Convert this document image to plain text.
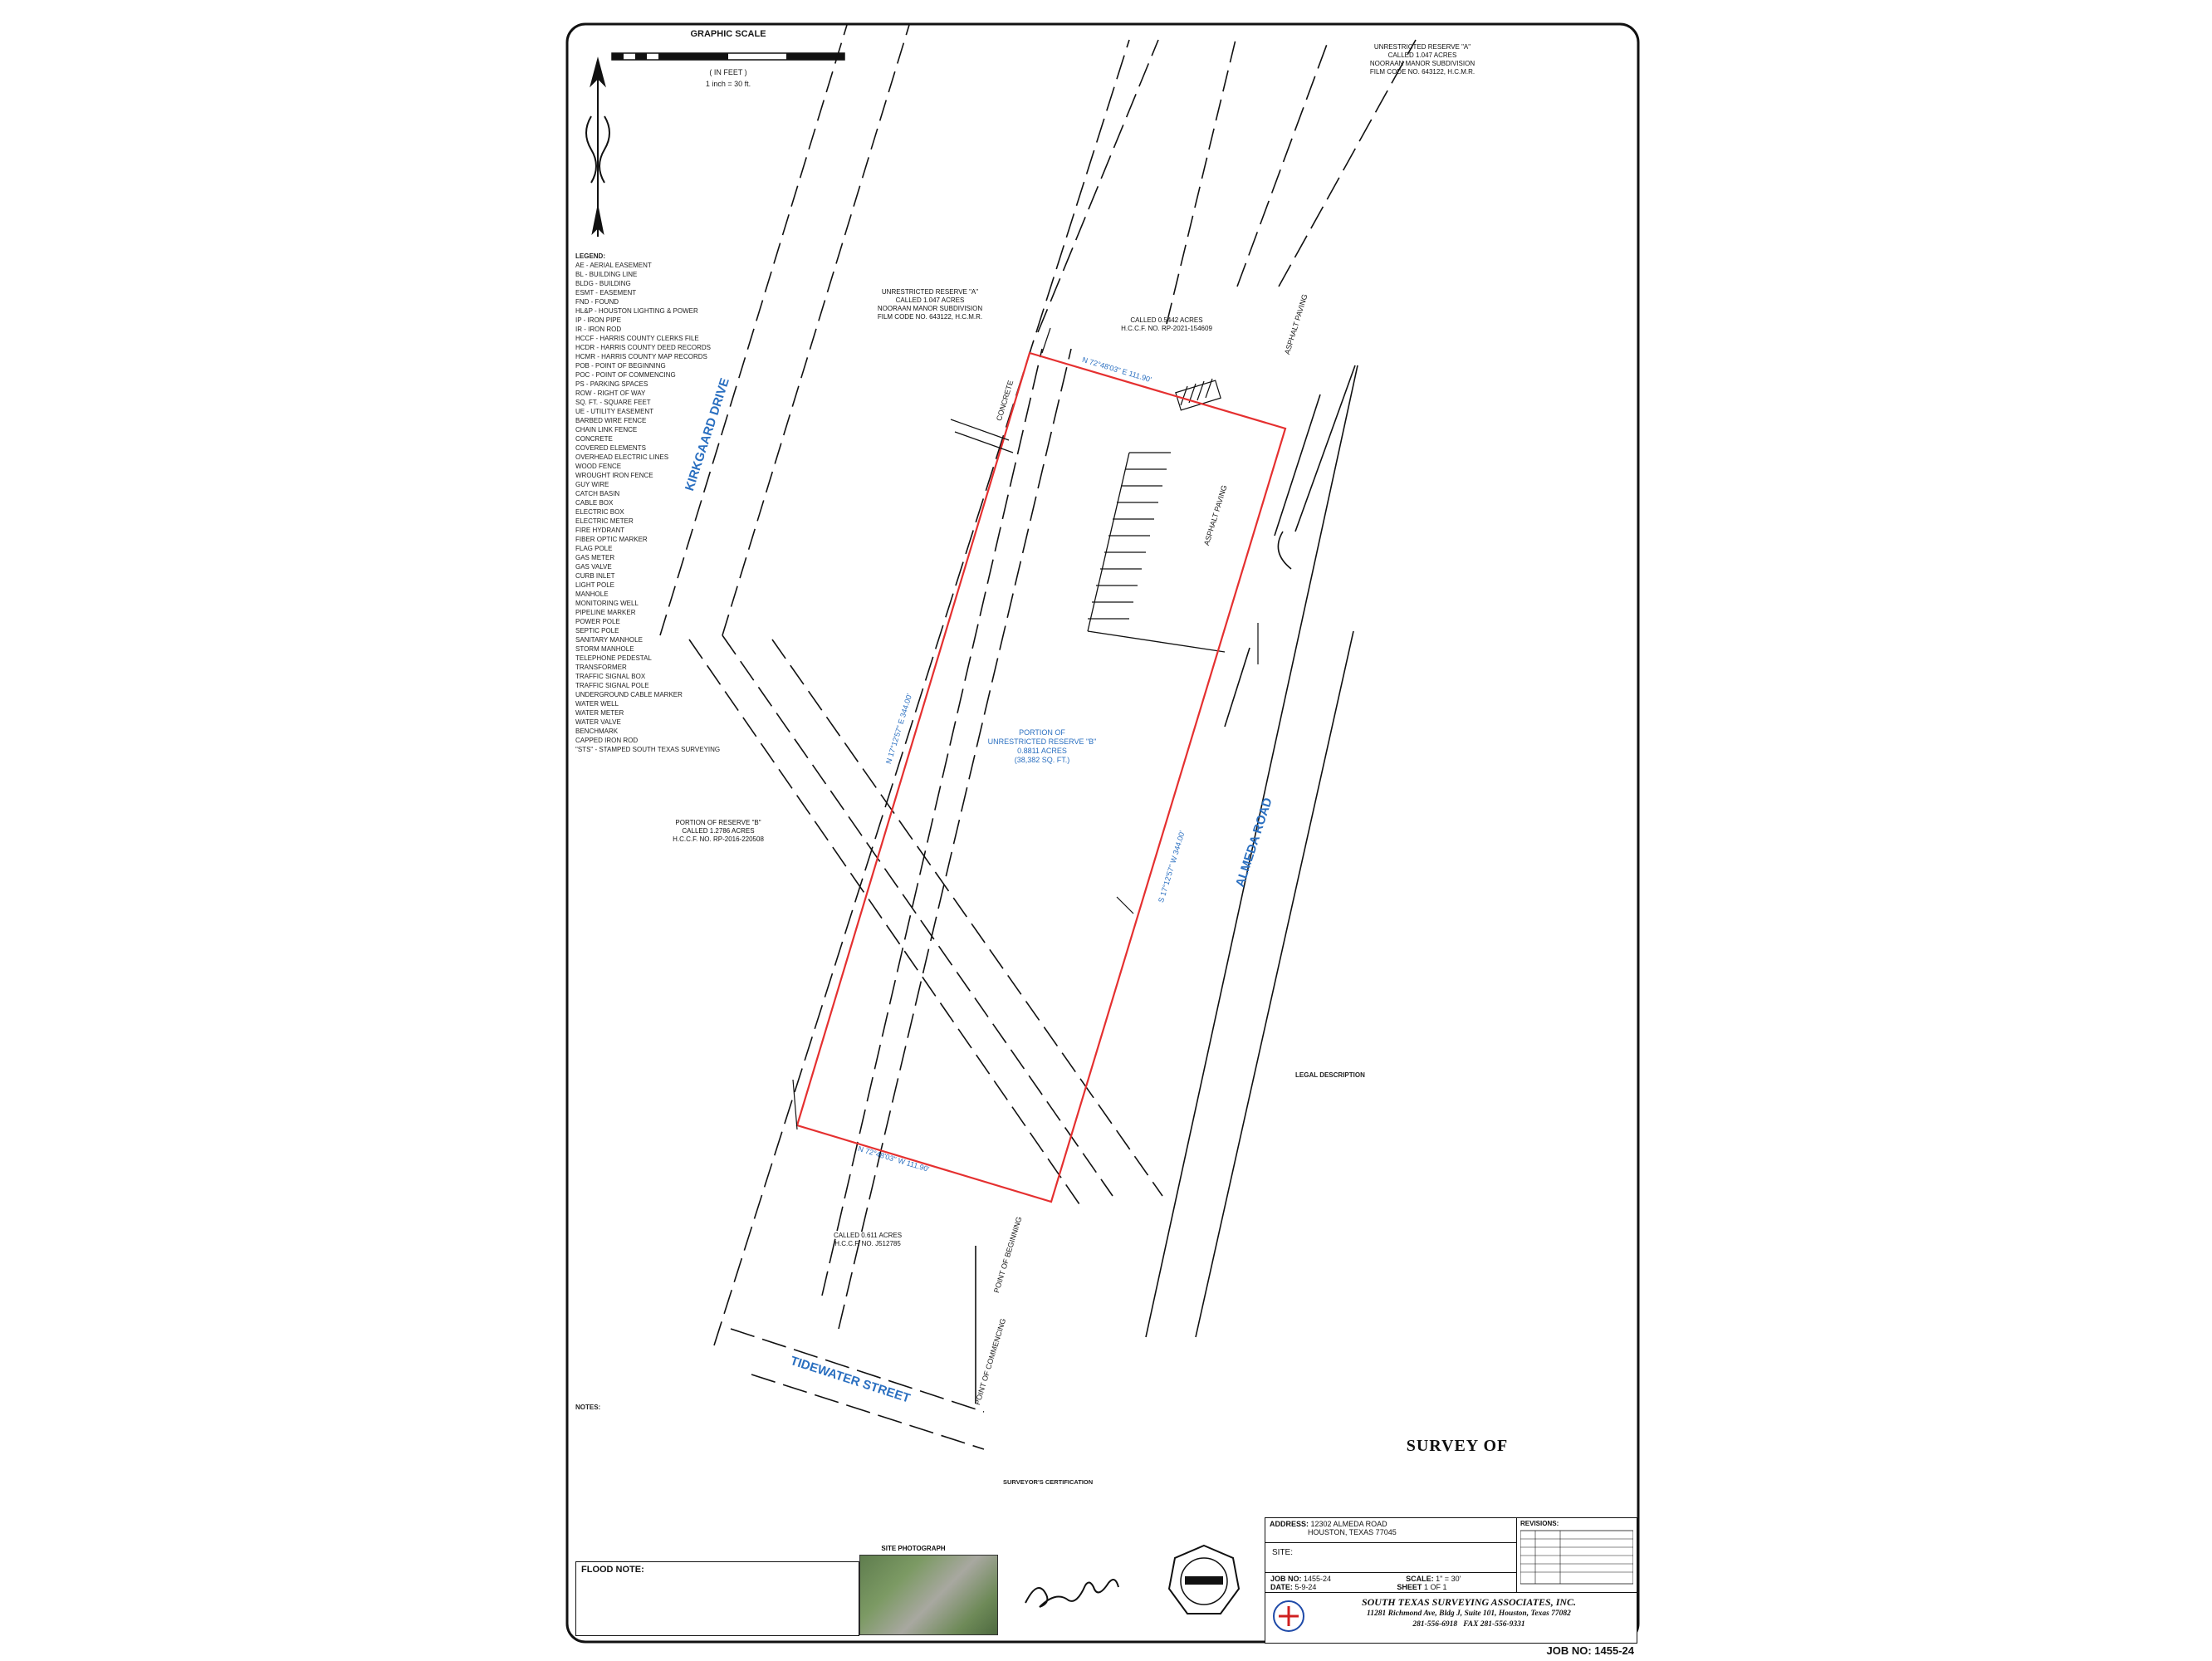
GRAPHIC SCALE
( IN FEET )
1 inch = 30 ft.
UNRESTRICTED RESERVE "A"
CALLED 1.047 ACRES
NOORAAN MANOR SUBDIVISION
FILM CODE NO. 643122, H.C.M.R.
UNRESTRICTED RESERVE "A"
CALLED 1.047 ACRES
NOORAAN MANOR SUBDIVISION
FILM CODE NO. 643122, H.C.M.R.	CALLED 0.5442 ACRES
H.C.C.F. NO. RP-2021-154609
KIRKGAARD DRIVE
ALMEDA ROAD
TIDEWATER STREET
PORTION OF
UNRESTRICTED RESERVE "B"
0.8811 ACRES
(38,382 SQ. FT.)
PORTION OF RESERVE "B"
CALLED 1.2786 ACRES
H.C.C.F. NO. RP-2016-220508
CALLED 0.611 ACRES
H.C.C.F. NO. J512785
N 72°48'03" E 111.90'
N 72°48'03" W 111.90'
N 17°12'57" E 344.00'
S 17°12'57" W 344.00'
ASPHALT PAVING
ASPHALT PAVING
CONCRETE
POINT OF BEGINNING
POINT OF COMMENCING
LEGEND:
AE - AERIAL EASEMENT
BL - BUILDING LINE
BLDG - BUILDING
ESMT - EASEMENT
FND - FOUND
HL&P - HOUSTON LIGHTING & POWER
IP - IRON PIPE
IR - IRON ROD
HCCF - HARRIS COUNTY CLERKS FILE
HCDR - HARRIS COUNTY DEED RECORDS
HCMR - HARRIS COUNTY MAP RECORDS
POB - POINT OF BEGINNING
POC - POINT OF COMMENCING
PS - PARKING SPACES
ROW - RIGHT OF WAY
SQ. FT. - SQUARE FEET
UE - UTILITY EASEMENT
BARBED WIRE FENCE
CHAIN LINK FENCE
CONCRETE
COVERED ELEMENTS
OVERHEAD ELECTRIC LINES
WOOD FENCE
WROUGHT IRON FENCE
GUY WIRE
CATCH BASIN
CABLE BOX
ELECTRIC BOX
ELECTRIC METER
FIRE HYDRANT
FIBER OPTIC MARKER
FLAG POLE
GAS METER
GAS VALVE
CURB INLET
LIGHT POLE
MANHOLE
MONITORING WELL
PIPELINE MARKER
POWER POLE
SEPTIC POLE
SANITARY MANHOLE
STORM MANHOLE
TELEPHONE PEDESTAL
TRANSFORMER
TRAFFIC SIGNAL BOX
TRAFFIC SIGNAL POLE
UNDERGROUND CABLE MARKER
WATER WELL
WATER METER
WATER VALVE
BENCHMARK
CAPPED IRON ROD
"STS" - STAMPED SOUTH TEXAS SURVEYING
NOTES:
FLOOD NOTE:
SITE PHOTOGRAPH
SURVEYOR'S CERTIFICATION
LEGAL DESCRIPTION
SURVEY OF
ADDRESS: 12302 ALMEDA ROAD
HOUSTON, TEXAS 77045
SITE:
JOB NO: 1455-24	SCALE: 1" = 30'
DATE: 5-9-24	SHEET 1 OF 1
REVISIONS:
SOUTH TEXAS SURVEYING ASSOCIATES, INC.
11281 Richmond Ave, Bldg J, Suite 101, Houston, Texas 77082
281-556-6918 FAX 281-556-9331
JOB NO: 1455-24
